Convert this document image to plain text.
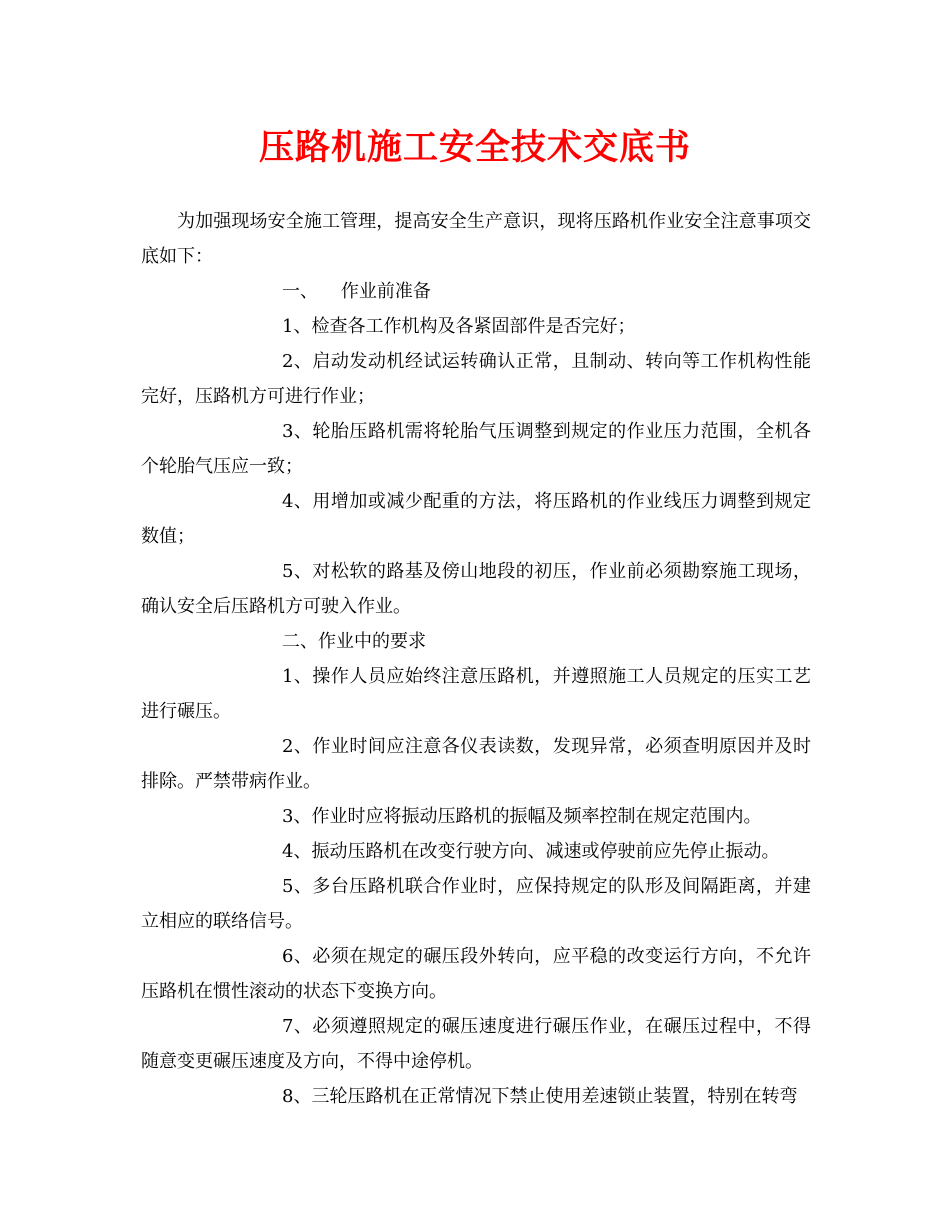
压路机施工安全技术交底书

为加强现场安全施工管理，提高安全生产意识，现将压路机作业安全注意事项交底如下：

一、    作业前准备

1、检查各工作机构及各紧固部件是否完好；

2、启动发动机经试运转确认正常，且制动、转向等工作机构性能完好，压路机方可进行作业；

3、轮胎压路机需将轮胎气压调整到规定的作业压力范围，全机各个轮胎气压应一致；

4、用增加或减少配重的方法，将压路机的作业线压力调整到规定数值；

5、对松软的路基及傍山地段的初压，作业前必须勘察施工现场，确认安全后压路机方可驶入作业。

二、作业中的要求

1、操作人员应始终注意压路机，并遵照施工人员规定的压实工艺进行碾压。

2、作业时间应注意各仪表读数，发现异常，必须查明原因并及时排除。严禁带病作业。

3、作业时应将振动压路机的振幅及频率控制在规定范围内。

4、振动压路机在改变行驶方向、减速或停驶前应先停止振动。

5、多台压路机联合作业时，应保持规定的队形及间隔距离，并建立相应的联络信号。

6、必须在规定的碾压段外转向，应平稳的改变运行方向，不允许压路机在惯性滚动的状态下变换方向。

7、必须遵照规定的碾压速度进行碾压作业，在碾压过程中，不得随意变更碾压速度及方向，不得中途停机。

8、三轮压路机在正常情况下禁止使用差速锁止装置，特别在转弯
